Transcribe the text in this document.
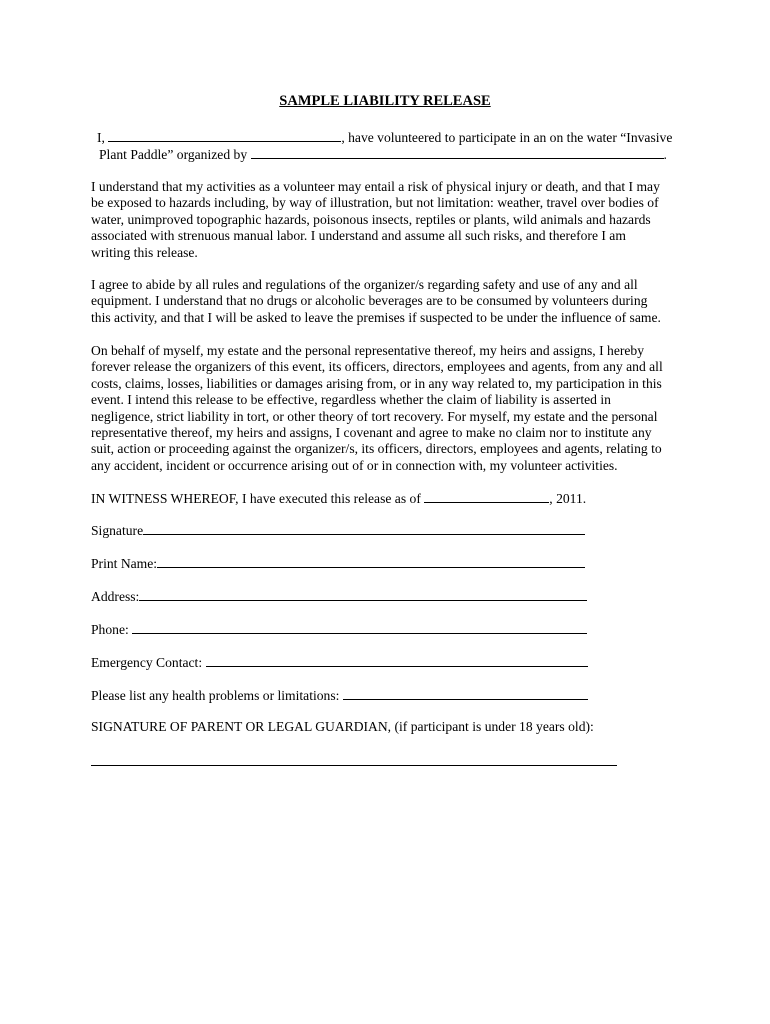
SAMPLE LIABILITY RELEASE
I,	, have volunteered to participate in an on the water “Invasive
Plant Paddle” organized by	.
I understand that my activities as a volunteer may entail a risk of physical injury or death, and that I may
be exposed to hazards including, by way of illustration, but not limitation: weather, travel over bodies of
water, unimproved topographic hazards, poisonous insects, reptiles or plants, wild animals and hazards
associated with strenuous manual labor. I understand and assume all such risks, and therefore I am
writing this release.
I agree to abide by all rules and regulations of the organizer/s regarding safety and use of any and all
equipment. I understand that no drugs or alcoholic beverages are to be consumed by volunteers during
this activity, and that I will be asked to leave the premises if suspected to be under the influence of same.
On behalf of myself, my estate and the personal representative thereof, my heirs and assigns, I hereby
forever release the organizers of this event, its officers, directors, employees and agents, from any and all
costs, claims, losses, liabilities or damages arising from, or in any way related to, my participation in this
event. I intend this release to be effective, regardless whether the claim of liability is asserted in
negligence, strict liability in tort, or other theory of tort recovery. For myself, my estate and the personal
representative thereof, my heirs and assigns, I covenant and agree to make no claim nor to institute any
suit, action or proceeding against the organizer/s, its officers, directors, employees and agents, relating to
any accident, incident or occurrence arising out of or in connection with, my volunteer activities.
IN WITNESS WHEREOF, I have executed this release as of	, 2011.
Signature
Print Name:
Address:
Phone:
Emergency Contact:
Please list any health problems or limitations:
SIGNATURE OF PARENT OR LEGAL GUARDIAN, (if participant is under 18 years old):
